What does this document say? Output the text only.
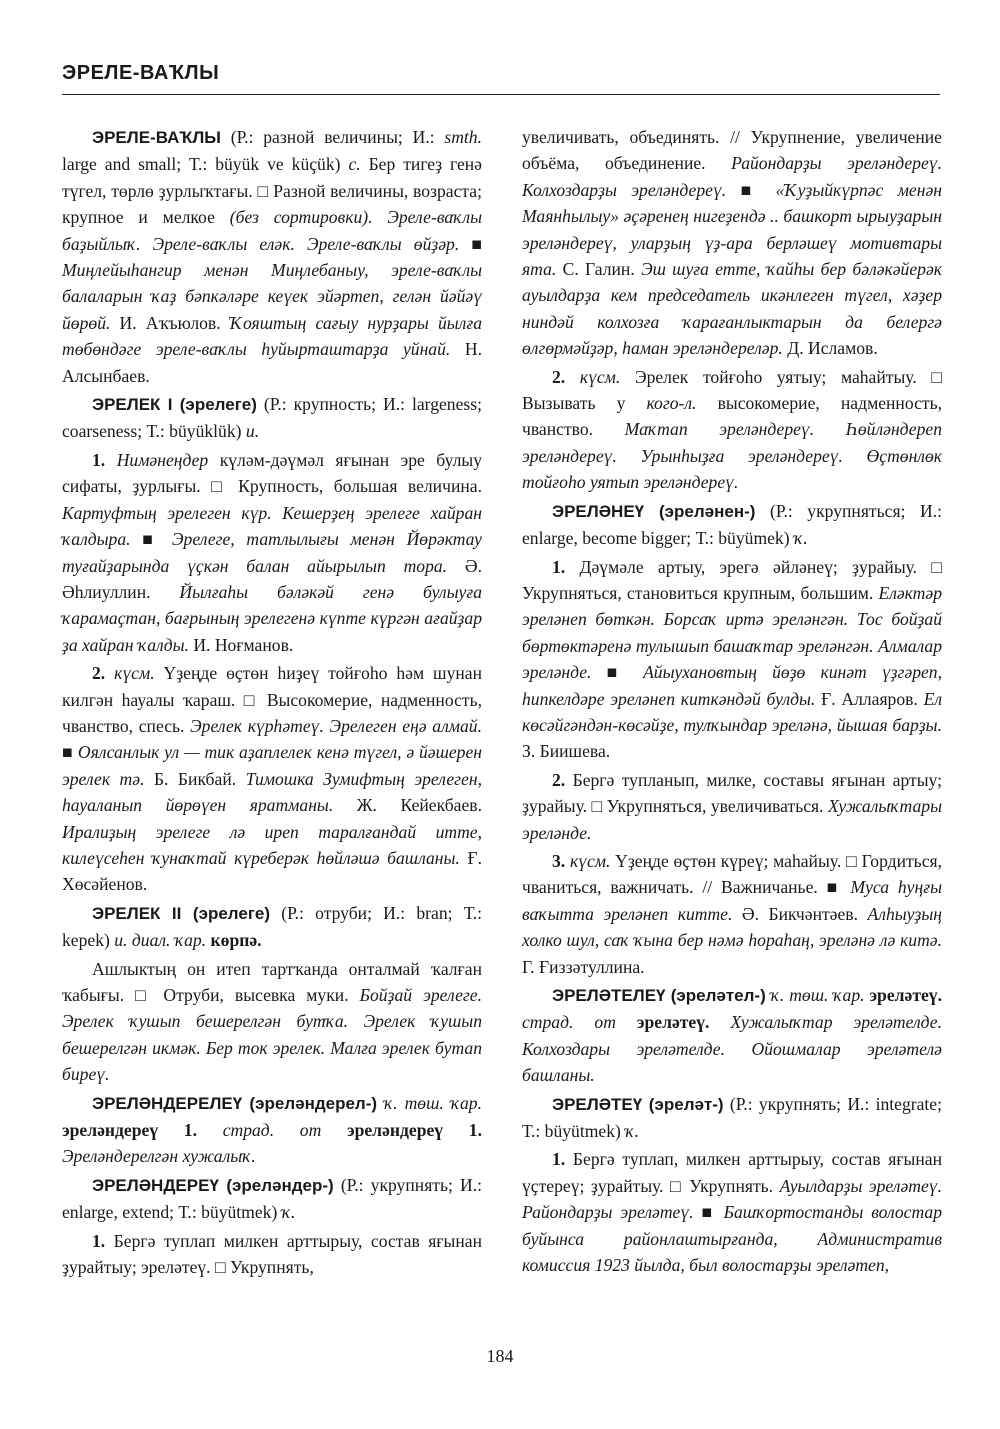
ЭРЕЛЕ-ВАҠЛЫ

ЭРЕЛЕ-ВАҠЛЫ (Р.: разной величины; И.: smth. large and small; Т.: büyük ve küçük) с. Бер тигеҙ генә түгел, төрлө ҙурлыҡтағы. □ Разной величины, возраста; крупное и мелкое (без сортировки). Эреле-ваҡлы баҙыйлыҡ. Эреле-ваҡлы еләк. Эреле-ваҡлы өйҙәр. ■ Миңлейыһангир менән Миңлебаныу, эреле-ваҡлы балаларын ҡаҙ бәпкәләре кеүек эйәртеп, гелән йәйәү йөрөй. И. Аҡъюлов. Ҡояштың сағыу нурҙары йылға төбөндәге эреле-ваҡлы һуйырташтарҙа уйнай. Н. Алсынбаев.

ЭРЕЛЕК I (эрелеге) (Р.: крупность; И.: largeness; coarseness; Т.: büyüklük) и.

1. Нимәнеңдер күләм-дәүмәл яғынан эре булыу сифаты, ҙурлығы. □ Крупность, большая величина. Картуфтың эрелеген күр. Кешерҙең эрелеге хайран ҡалдыра. ■ Эрелеге, татлылығы менән Йөрәктау туғайҙарында үҫкән балан айырылып тора. Ә. Әһлиуллин. Йылғаһы бәләкәй генә булыуға ҡарамаҫтан, бағрының эрелегенә күпте күргән ағайҙар ҙа хайран ҡалды. И. Ноғманов.

2. күсм. Үҙеңде өҫтөн һиҙеү тойғоһо һәм шунан килгән һауалы ҡараш. □ Высокомерие, надменность, чванство, спесь. Эрелек күрһәтеү. Эрелеген еңә алмай. ■ Оялсанлык ул — тик аҙаплелек кенә түгел, ә йәшерен эрелек тә. Б. Бикбай. Тимошка Зумифтың эрелеген, һауаланып йөрөүен яратманы. Ж. Кейекбаев. Иралиҙың эрелеге лә иреп таралғандай итте, килеүсеһен ҡунаҡтай күреберәк һөйләшә башланы. Ғ. Хөсәйенов.

ЭРЕЛЕК II (эрелеге) (Р.: отруби; И.: bran; Т.: kepek) и. диал. ҡар. көрпә.

Ашлыктың он итеп тартҡанда онталмай ҡалған ҡабығы. □ Отруби, высевка муки. Бойҙай эрелеге. Эрелек ҡушып бешерелгән бутҡа. Эрелек ҡушып бешерелгән икмәк. Бер ток эрелек. Малға эрелек бутап биреү.

ЭРЕЛӘНДЕРЕЛЕҮ (эреләндерел-) ҡ. төш. ҡар. эреләндереү 1. страд. от эреләндереү 1. Эреләндерелгән хужалыҡ.

ЭРЕЛӘНДЕРЕҮ (эреләндер-) (Р.: укрупнять; И.: enlarge, extend; Т.: büyütmek) ҡ.

1. Бергә туплап милкен арттырыу, состав яғынан ҙурайтыу; эреләтеү. □ Укрупнять,

увеличивать, объединять. // Укрупнение, увеличение объёма, объединение. Райондарҙы эреләндереү. Колхоздарҙы эреләндереү. ■ «Ҡуҙыйкүрпәс менән Маянһылыу» әҫәренең нигеҙендә .. башкорт ырыуҙарын эреләндереү, уларҙың үҙ-ара берләшеү мотивтары ята. С. Галин. Эш шуға етте, ҡайһы бер бәләкәйерәк ауылдарҙа кем председатель икәнлеген түгел, хәҙер ниндәй колхозға ҡарағанлыктарын да белергә өлгөрмәйҙәр, һаман эреләндереләр. Д. Исламов.

2. күсм. Эрелек тойғоһо уятыу; маһайтыу. □ Вызывать у кого-л. высокомерие, надменность, чванство. Маҡтап эреләндереү. Һөйләндереп эреләндереү. Урынһыҙға эреләндереү. Өҫтөнлөк тойғоһо уятып эреләндереү.

ЭРЕЛӘНЕҮ (эреләнен-) (Р.: укрупняться; И.: enlarge, become bigger; Т.: büyümek) ҡ.

1. Дәүмәле артыу, эрегә әйләнеү; ҙурайыу. □ Укрупняться, становиться крупным, большим. Еләктәр эреләнеп бөткән. Борсаҡ иртә эреләнгән. Тос бойҙай бөртөктәренә тулышып башаҡтар эреләнгән. Алмалар эреләнде. ■ Айыухановтың йөҙө кинәт үҙгәреп, һипкелдәре эреләнеп киткәндәй булды. Ғ. Аллаяров. Ел көсәйгәндән-көсәйҙе, тулҡындар эреләнә, йышая барҙы. З. Биишева.

2. Бергә тупланып, милке, составы яғынан артыу; ҙурайыу. □ Укрупняться, увеличиваться. Хужалыҡтары эреләнде.

3. күсм. Үҙеңде өҫтөн күреү; маһайыу. □ Гордиться, чваниться, важничать. // Важничанье. ■ Муса һуңғы ваҡытта эреләнеп китте. Ә. Бикчәнтәев. Алһыуҙың холко шул, саҡ ҡына бер нәмә һораһаң, эреләнә лә китә. Г. Ғиззәтуллина.

ЭРЕЛӘТЕЛЕҮ (эреләтел-) ҡ. төш. ҡар. эреләтеү. страд. от эреләтеү. Хужалыҡтар эреләтелде. Колхоздары эреләтелде. Ойошмалар эреләтелә башланы.

ЭРЕЛӘТЕҮ (эреләт-) (Р.: укрупнять; И.: integrate; Т.: büyütmek) ҡ.

1. Бергә туплап, милкен арттырыу, состав яғынан үҫтереү; ҙурайтыу. □ Укрупнять. Ауылдарҙы эреләтеү. Райондарҙы эреләтеү. ■ Башҡортостанды волостар буйынса районлаштырғанда, Административ комиссия 1923 йылда, был волостарҙы эреләтеп,

184
